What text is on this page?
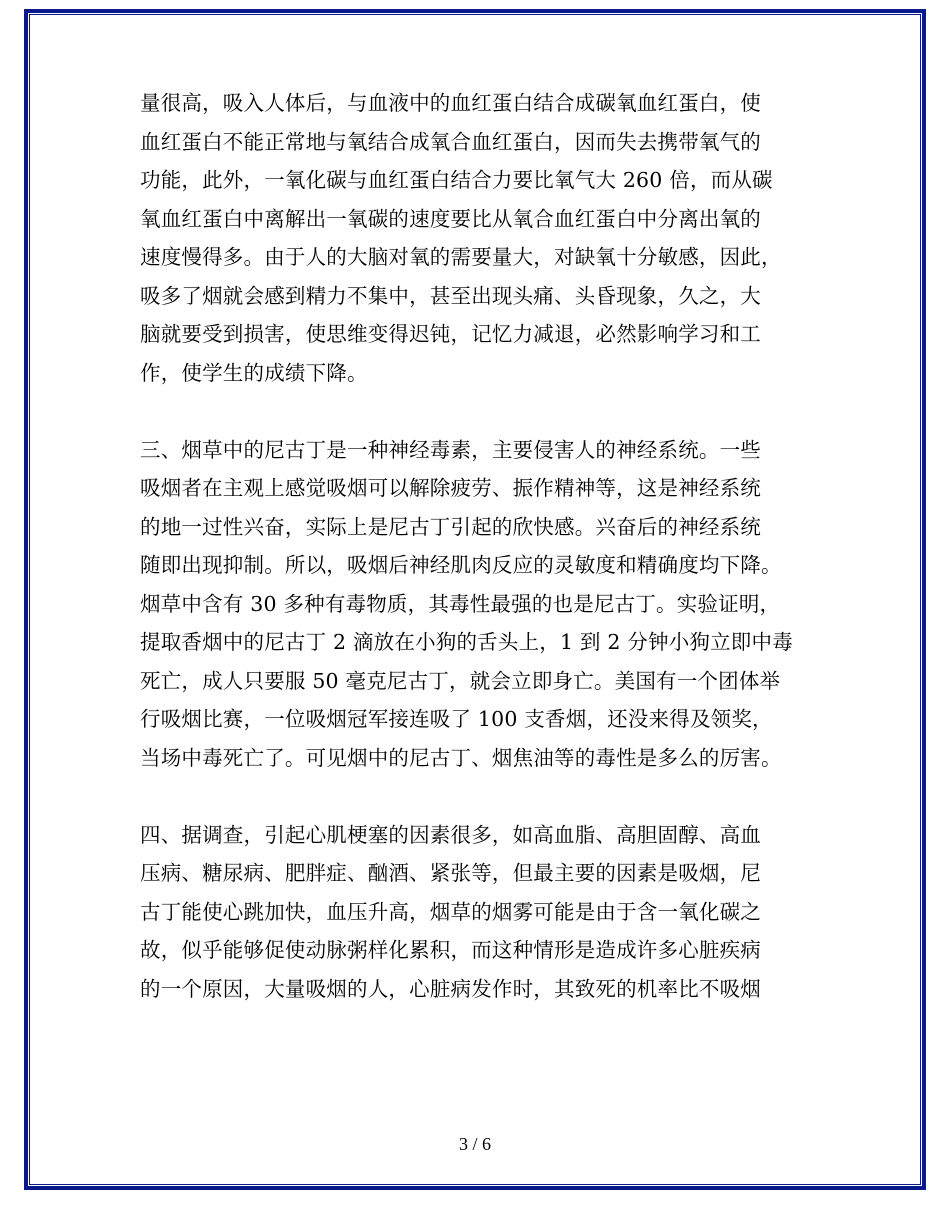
量很高，吸入人体后，与血液中的血红蛋白结合成碳氧血红蛋白，使
血红蛋白不能正常地与氧结合成氧合血红蛋白，因而失去携带氧气的
功能，此外，一氧化碳与血红蛋白结合力要比氧气大 260 倍，而从碳
氧血红蛋白中离解出一氧碳的速度要比从氧合血红蛋白中分离出氧的
速度慢得多。由于人的大脑对氧的需要量大，对缺氧十分敏感，因此，
吸多了烟就会感到精力不集中，甚至出现头痛、头昏现象，久之，大
脑就要受到损害，使思维变得迟钝，记忆力减退，必然影响学习和工
作，使学生的成绩下降。

三、烟草中的尼古丁是一种神经毒素，主要侵害人的神经系统。一些
吸烟者在主观上感觉吸烟可以解除疲劳、振作精神等，这是神经系统
的地一过性兴奋，实际上是尼古丁引起的欣快感。兴奋后的神经系统
随即出现抑制。所以，吸烟后神经肌肉反应的灵敏度和精确度均下降。
烟草中含有 30 多种有毒物质，其毒性最强的也是尼古丁。实验证明，
提取香烟中的尼古丁 2 滴放在小狗的舌头上，1 到 2 分钟小狗立即中毒
死亡，成人只要服 50 毫克尼古丁，就会立即身亡。美国有一个团体举
行吸烟比赛，一位吸烟冠军接连吸了 100 支香烟，还没来得及领奖，
当场中毒死亡了。可见烟中的尼古丁、烟焦油等的毒性是多么的厉害。

四、据调查，引起心肌梗塞的因素很多，如高血脂、高胆固醇、高血
压病、糖尿病、肥胖症、酗酒、紧张等，但最主要的因素是吸烟，尼
古丁能使心跳加快，血压升高，烟草的烟雾可能是由于含一氧化碳之
故，似乎能够促使动脉粥样化累积，而这种情形是造成许多心脏疾病
的一个原因，大量吸烟的人，心脏病发作时，其致死的机率比不吸烟

3 / 6
